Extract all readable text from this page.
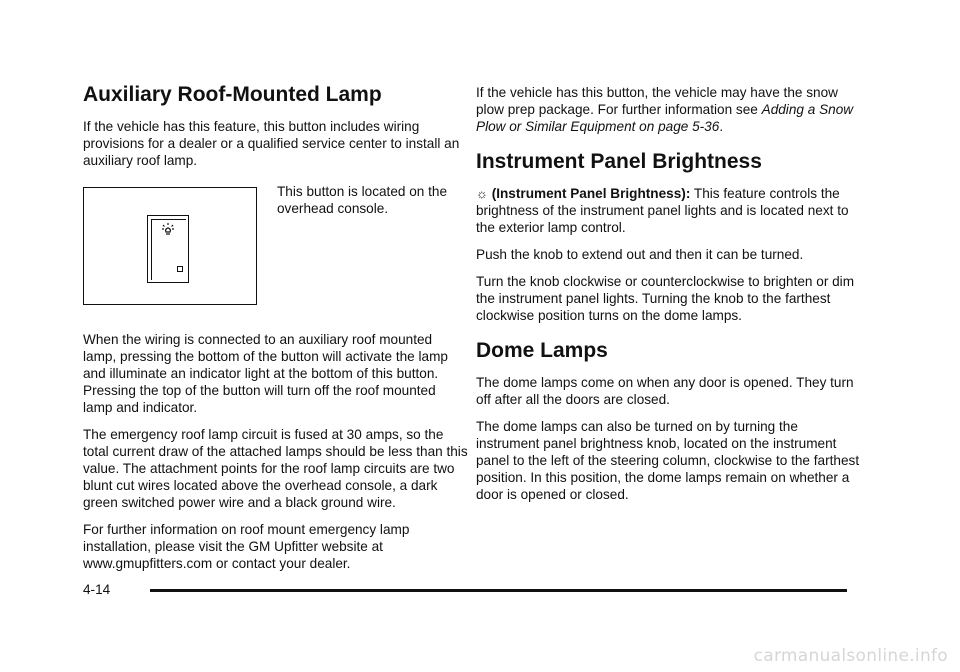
Auxiliary Roof-Mounted Lamp

If the vehicle has this feature, this button includes wiring provisions for a dealer or a qualified service center to install an auxiliary roof lamp.

This button is located on the overhead console.

When the wiring is connected to an auxiliary roof mounted lamp, pressing the bottom of the button will activate the lamp and illuminate an indicator light at the bottom of this button. Pressing the top of the button will turn off the roof mounted lamp and indicator.

The emergency roof lamp circuit is fused at 30 amps, so the total current draw of the attached lamps should be less than this value. The attachment points for the roof lamp circuits are two blunt cut wires located above the overhead console, a dark green switched power wire and a black ground wire.

For further information on roof mount emergency lamp installation, please visit the GM Upfitter website at www.gmupfitters.com or contact your dealer.

If the vehicle has this button, the vehicle may have the snow plow prep package. For further information see Adding a Snow Plow or Similar Equipment on page 5-36.

Instrument Panel Brightness

☼ (Instrument Panel Brightness): This feature controls the brightness of the instrument panel lights and is located next to the exterior lamp control.

Push the knob to extend out and then it can be turned.

Turn the knob clockwise or counterclockwise to brighten or dim the instrument panel lights. Turning the knob to the farthest clockwise position turns on the dome lamps.

Dome Lamps

The dome lamps come on when any door is opened. They turn off after all the doors are closed.

The dome lamps can also be turned on by turning the instrument panel brightness knob, located on the instrument panel to the left of the steering column, clockwise to the farthest position. In this position, the dome lamps remain on whether a door is opened or closed.

4-14
carmanualsonline.info
